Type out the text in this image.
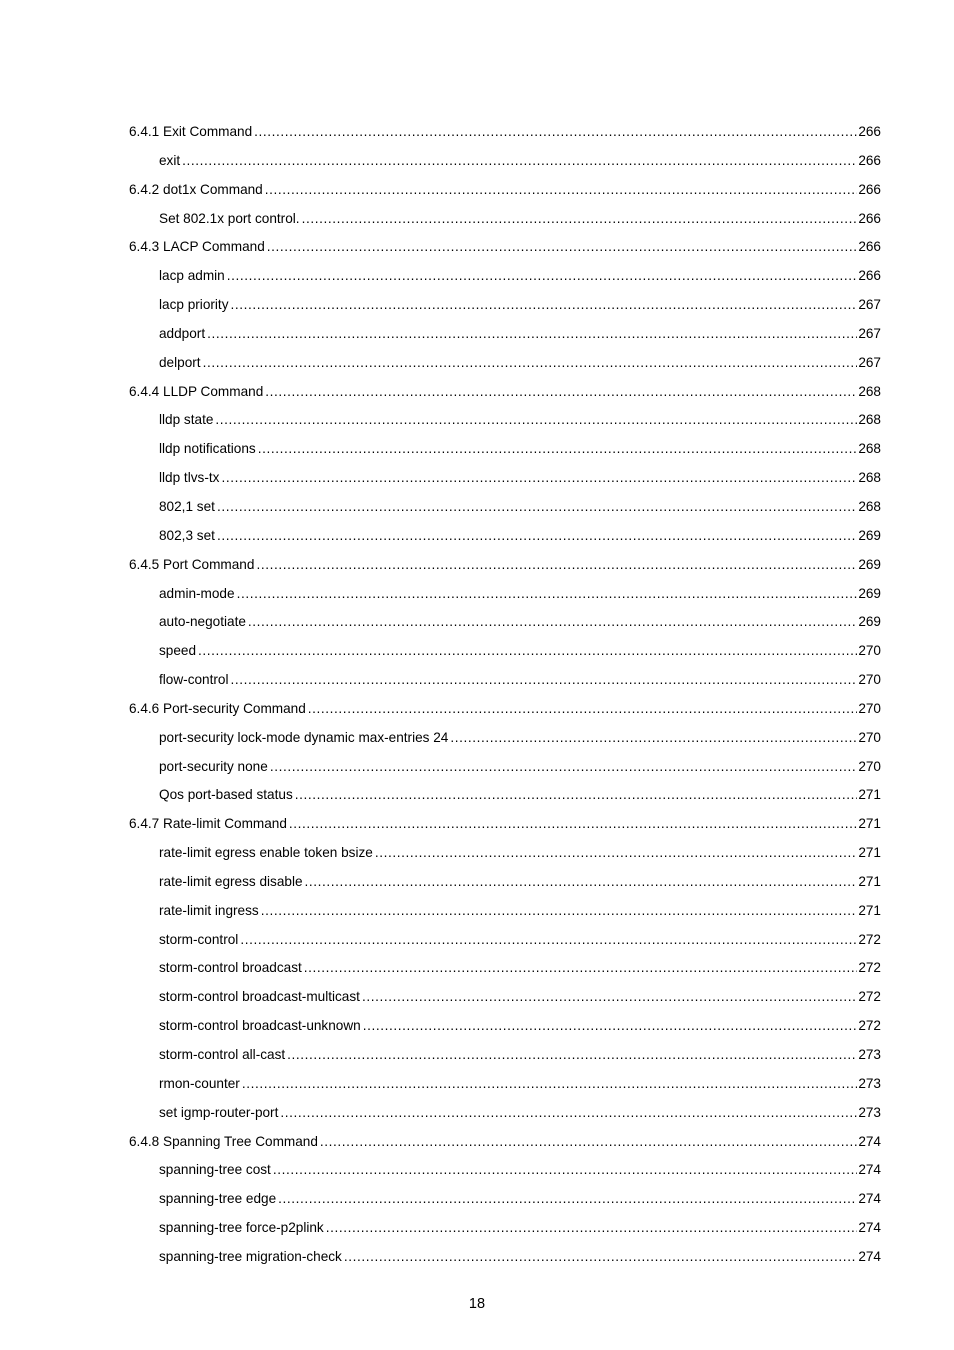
6.4.1 Exit Command .....	266
exit .....	266
6.4.2 dot1x Command .....	266
Set 802.1x port control. .....	266
6.4.3 LACP Command .....	266
lacp admin .....	266
lacp priority .....	267
addport .....	267
delport .....	267
6.4.4 LLDP Command .....	268
lldp state .....	268
lldp notifications .....	268
lldp tlvs-tx .....	268
802,1 set .....	268
802,3 set .....	269
6.4.5 Port Command .....	269
admin-mode .....	269
auto-negotiate .....	269
speed .....	270
flow-control .....	270
6.4.6 Port-security Command .....	270
port-security lock-mode dynamic max-entries 24 .....	270
port-security none .....	270
Qos port-based status .....	271
6.4.7 Rate-limit Command .....	271
rate-limit egress enable token bsize .....	271
rate-limit egress disable .....	271
rate-limit ingress .....	271
storm-control .....	272
storm-control broadcast .....	272
storm-control broadcast-multicast .....	272
storm-control broadcast-unknown .....	272
storm-control all-cast .....	273
rmon-counter .....	273
set igmp-router-port .....	273
6.4.8 Spanning Tree Command .....	274
spanning-tree cost .....	274
spanning-tree edge .....	274
spanning-tree force-p2plink .....	274
spanning-tree migration-check .....	274
18
